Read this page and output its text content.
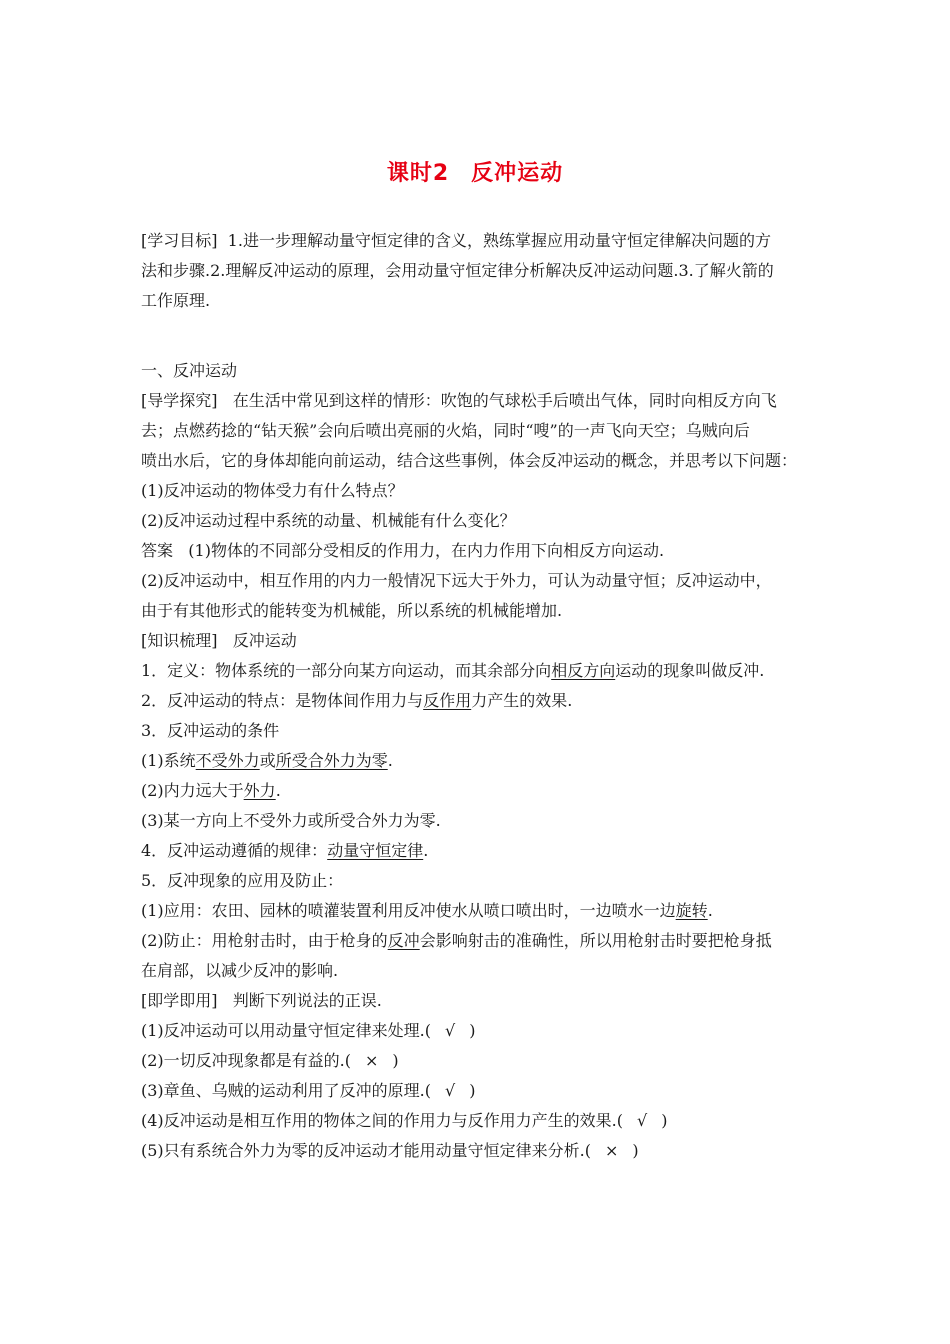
课时2 反冲运动
[学习目标] 1.进一步理解动量守恒定律的含义，熟练掌握应用动量守恒定律解决问题的方
法和步骤.2.理解反冲运动的原理，会用动量守恒定律分析解决反冲运动问题.3.了解火箭的
工作原理.
一、反冲运动
[导学探究] 在生活中常见到这样的情形：吹饱的气球松手后喷出气体，同时向相反方向飞
去；点燃药捻的“钻天猴”会向后喷出亮丽的火焰，同时“嗖”的一声飞向天空；乌贼向后
喷出水后，它的身体却能向前运动，结合这些事例，体会反冲运动的概念，并思考以下问题：
(1)反冲运动的物体受力有什么特点？
(2)反冲运动过程中系统的动量、机械能有什么变化？
答案 (1)物体的不同部分受相反的作用力，在内力作用下向相反方向运动.
(2)反冲运动中，相互作用的内力一般情况下远大于外力，可认为动量守恒；反冲运动中，
由于有其他形式的能转变为机械能，所以系统的机械能增加.
[知识梳理] 反冲运动
1．定义：物体系统的一部分向某方向运动，而其余部分向相反方向运动的现象叫做反冲.
2．反冲运动的特点：是物体间作用力与反作用力产生的效果.
3．反冲运动的条件
(1)系统不受外力或所受合外力为零.
(2)内力远大于外力.
(3)某一方向上不受外力或所受合外力为零.
4．反冲运动遵循的规律：动量守恒定律.
5．反冲现象的应用及防止：
(1)应用：农田、园林的喷灌装置利用反冲使水从喷口喷出时，一边喷水一边旋转.
(2)防止：用枪射击时，由于枪身的反冲会影响射击的准确性，所以用枪射击时要把枪身抵
在肩部，以减少反冲的影响.
[即学即用] 判断下列说法的正误.
(1)反冲运动可以用动量守恒定律来处理.( √ )
(2)一切反冲现象都是有益的.( × )
(3)章鱼、乌贼的运动利用了反冲的原理.( √ )
(4)反冲运动是相互作用的物体之间的作用力与反作用力产生的效果.( √ )
(5)只有系统合外力为零的反冲运动才能用动量守恒定律来分析.( × )
